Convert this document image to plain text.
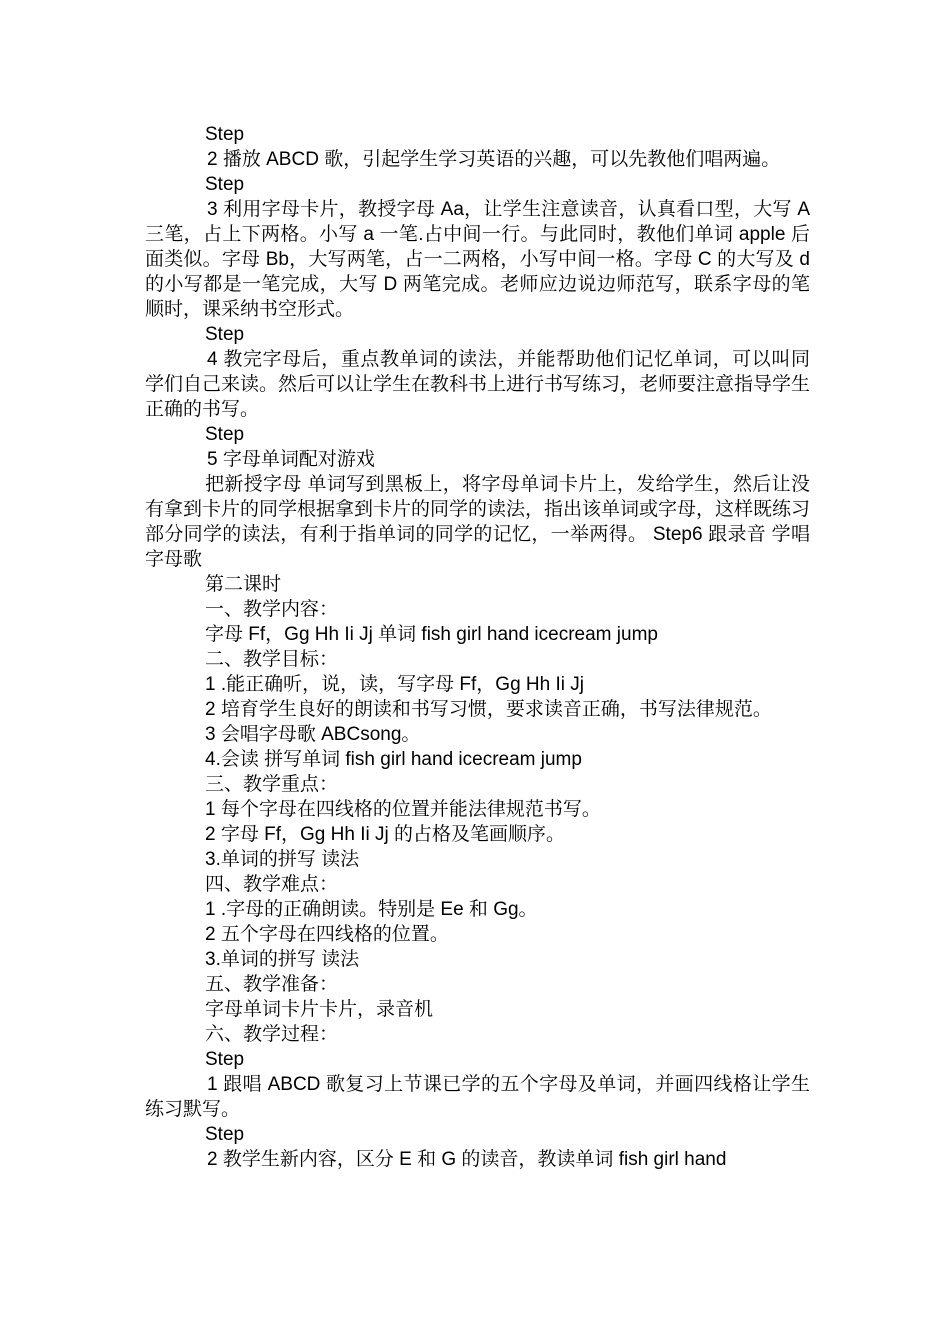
Step

2 播放 ABCD 歌，引起学生学习英语的兴趣，可以先教他们唱两遍。

Step

3 利用字母卡片，教授字母 Aa，让学生注意读音，认真看口型，大写 A 三笔，占上下两格。小写 a 一笔.占中间一行。与此同时，教他们单词 apple 后面类似。字母 Bb，大写两笔，占一二两格，小写中间一格。字母 C 的大写及 d 的小写都是一笔完成，大写 D 两笔完成。老师应边说边师范写，联系字母的笔顺时，课采纳书空形式。

Step

4 教完字母后，重点教单词的读法，并能帮助他们记忆单词，可以叫同学们自己来读。然后可以让学生在教科书上进行书写练习，老师要注意指导学生正确的书写。

Step

5 字母单词配对游戏

把新授字母 单词写到黑板上，将字母单词卡片上，发给学生，然后让没有拿到卡片的同学根据拿到卡片的同学的读法，指出该单词或字母，这样既练习部分同学的读法，有利于指单词的同学的记忆，一举两得。 Step6 跟录音 学唱字母歌

第二课时

一、教学内容：

字母 Ff，Gg Hh Ii Jj 单词 fish girl hand icecream jump

二、教学目标：

1 .能正确听，说，读，写字母 Ff，Gg Hh Ii Jj

2 培育学生良好的朗读和书写习惯，要求读音正确，书写法律规范。

3 会唱字母歌 ABCsong。

4.会读 拼写单词 fish girl hand icecream jump

三、教学重点：

1 每个字母在四线格的位置并能法律规范书写。

2 字母 Ff，Gg Hh Ii Jj 的占格及笔画顺序。

3.单词的拼写 读法

四、教学难点：

1 .字母的正确朗读。特别是 Ee 和 Gg。

2 五个字母在四线格的位置。

3.单词的拼写 读法

五、教学准备：

字母单词卡片卡片，录音机

六、教学过程：

Step

1 跟唱 ABCD 歌复习上节课已学的五个字母及单词，并画四线格让学生练习默写。

Step

2 教学生新内容，区分 E 和 G 的读音，教读单词 fish girl hand
